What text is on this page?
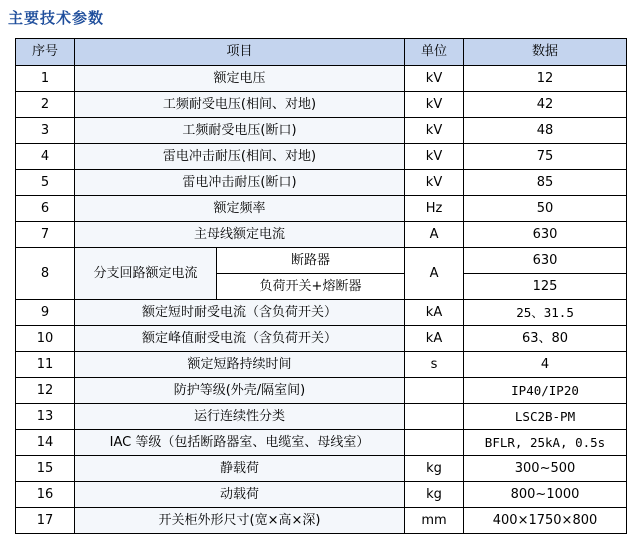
主要技术参数
序号	项目		单位	数据
1	额定电压		kV	12
2	工频耐受电压(相间、对地)		kV	42
3	工频耐受电压(断口)		kV	48
4	雷电冲击耐压(相间、对地)		kV	75
5	雷电冲击耐压(断口)		kV	85
6	额定频率		Hz	50
7	主母线额定电流		A	630
8	分支回路额定电流	断路器	A	630
		负荷开关+熔断器		125
9	额定短时耐受电流（含负荷开关）		kA	25、31.5
10	额定峰值耐受电流（含负荷开关）		kA	63、80
11	额定短路持续时间		s	4
12	防护等级(外壳/隔室间)			IP40/IP20
13	运行连续性分类			LSC2B-PM
14	IAC 等级（包括断路器室、电缆室、母线室）			BFLR, 25kA, 0.5s
15	静载荷		kg	300~500
16	动载荷		kg	800~1000
17	开关柜外形尺寸(宽×高×深)		mm	400×1750×800
